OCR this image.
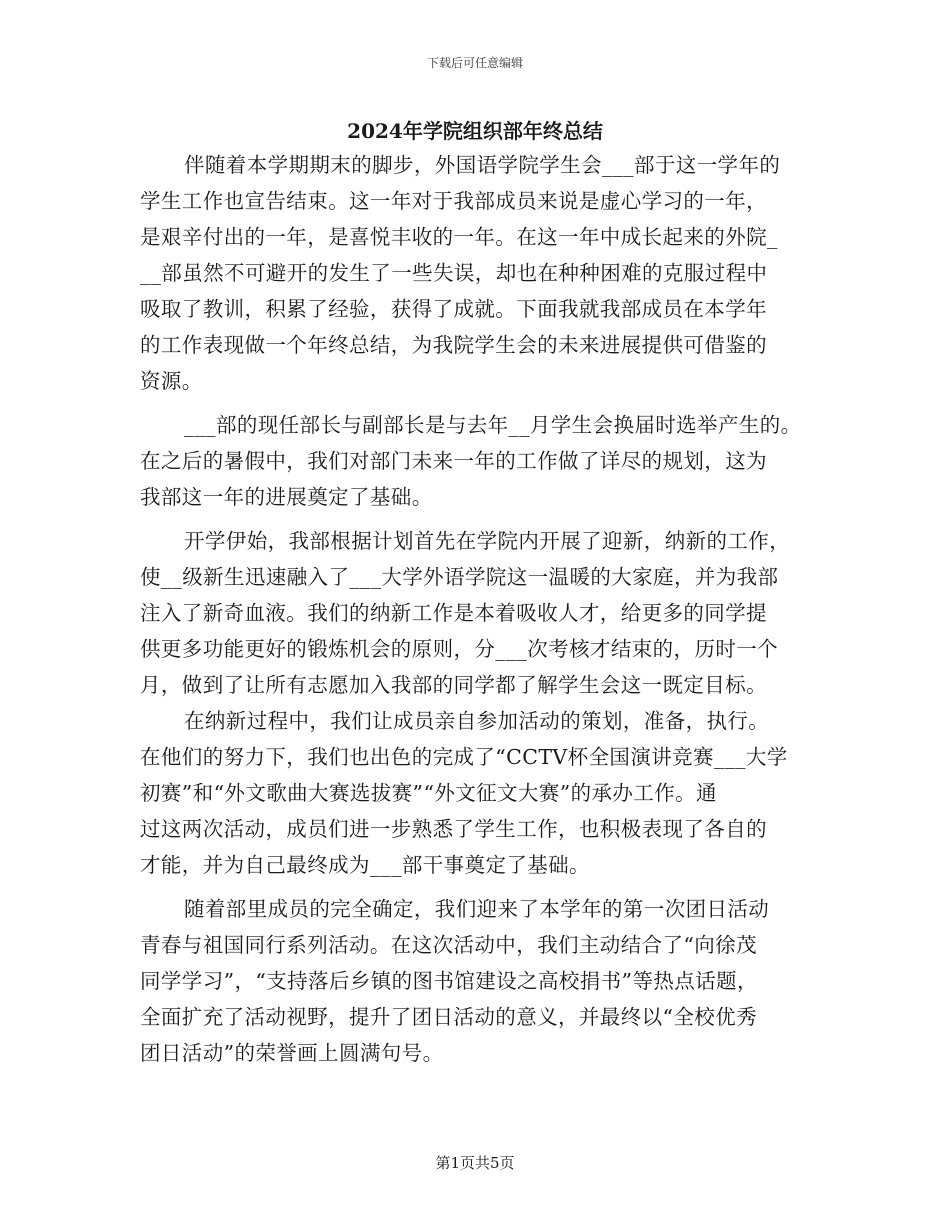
下载后可任意编辑
2024年学院组织部年终总结
伴随着本学期期末的脚步，外国语学院学生会___部于这一学年的
学生工作也宣告结束。这一年对于我部成员来说是虚心学习的一年，
是艰辛付出的一年，是喜悦丰收的一年。在这一年中成长起来的外院_
__部虽然不可避开的发生了一些失误，却也在种种困难的克服过程中
吸取了教训，积累了经验，获得了成就。下面我就我部成员在本学年
的工作表现做一个年终总结，为我院学生会的未来进展提供可借鉴的
资源。
___部的现任部长与副部长是与去年__月学生会换届时选举产生的。
在之后的暑假中，我们对部门未来一年的工作做了详尽的规划，这为
我部这一年的进展奠定了基础。
开学伊始，我部根据计划首先在学院内开展了迎新，纳新的工作，
使__级新生迅速融入了___大学外语学院这一温暖的大家庭，并为我部
注入了新奇血液。我们的纳新工作是本着吸收人才，给更多的同学提
供更多功能更好的锻炼机会的原则，分___次考核才结束的，历时一个
月，做到了让所有志愿加入我部的同学都了解学生会这一既定目标。
在纳新过程中，我们让成员亲自参加活动的策划，准备，执行。
在他们的努力下，我们也出色的完成了“CCTV杯全国演讲竞赛___大学
初赛”和“外文歌曲大赛选拔赛”“外文征文大赛”的承办工作。通
过这两次活动，成员们进一步熟悉了学生工作，也积极表现了各自的
才能，并为自己最终成为___部干事奠定了基础。
随着部里成员的完全确定，我们迎来了本学年的第一次团日活动
青春与祖国同行系列活动。在这次活动中，我们主动结合了“向徐茂
同学学习”，“支持落后乡镇的图书馆建设之高校捐书”等热点话题，
全面扩充了活动视野，提升了团日活动的意义，并最终以“全校优秀
团日活动”的荣誉画上圆满句号。
第1页共5页
